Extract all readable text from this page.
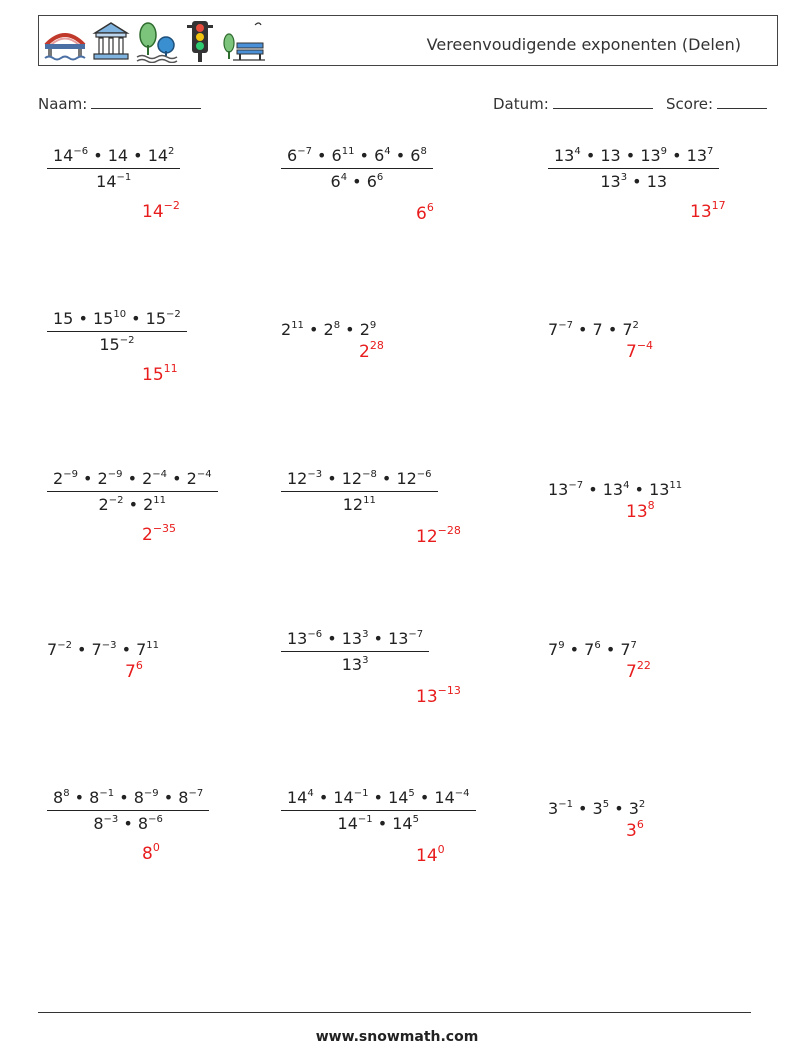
Vereenvoudigende exponenten (Delen)
Naam:	Datum:	Score:
$\frac{14^{-6} • 14 • 14^2}{14^{-1}}$
$14^{-2}$
$\frac{6^{-7} • 6^{11} • 6^4 • 6^8}{6^4 • 6^6}$
$6^6$
$\frac{13^4 • 13 • 13^9 • 13^7}{13^3 • 13}$
$13^{17}$
$\frac{15 • 15^{10} • 15^{-2}}{15^{-2}}$
$15^{11}$
$2^{11}$ • $2^8$ • $2^9$
$2^{28}$
$7^{-7}$ • 7 • $7^2$
$7^{-4}$
$\frac{2^{-9} • 2^{-9} • 2^{-4} • 2^{-4}}{2^{-2} • 2^{11}}$
$2^{-35}$
$\frac{12^{-3} • 12^{-8} • 12^{-6}}{12^{11}}$
$12^{-28}$
$13^{-7}$ • $13^4$ • $13^{11}$
$13^8$
$7^{-2}$ • $7^{-3}$ • $7^{11}$
$7^6$	$\frac{13^{-6} • 13^3 • 13^{-7}}{13^3}$
$13^{-13}$
$7^9$ • $7^6$ • $7^7$
$7^{22}$
$\frac{8^8 • 8^{-1} • 8^{-9} • 8^{-7}}{8^{-3} • 8^{-6}}$
$8^0$
$\frac{14^4 • 14^{-1} • 14^5 • 14^{-4}}{14^{-1} • 14^5}$
$14^0$
$3^{-1}$ • $3^5$ • $3^2$
$3^6$
www.snowmath.com
